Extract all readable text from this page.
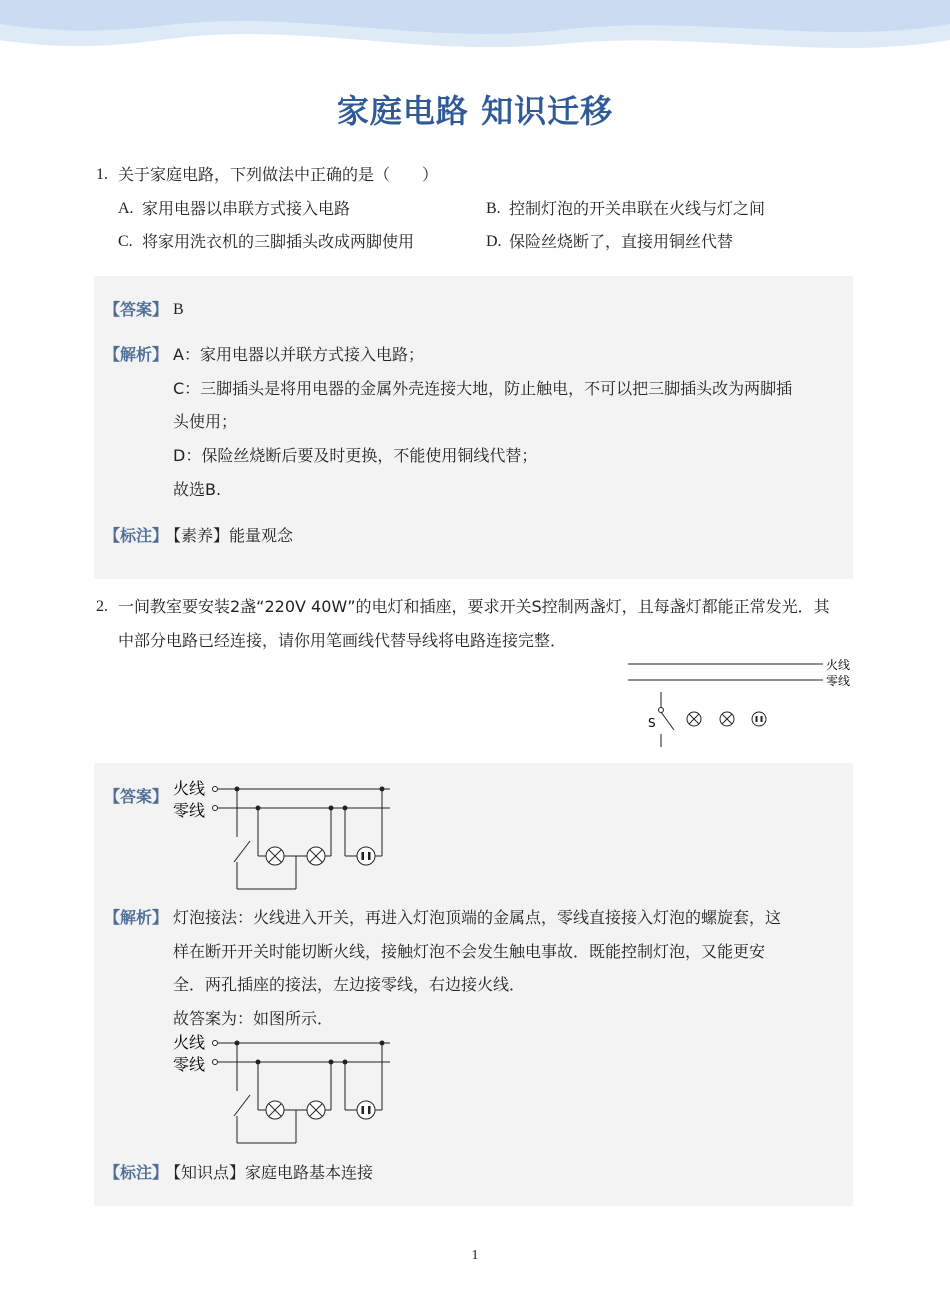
家庭电路 知识迁移
1. 关于家庭电路，下列做法中正确的是（　　）
A. 家用电器以串联方式接入电路	B. 控制灯泡的开关串联在火线与灯之间
C. 将家用洗衣机的三脚插头改成两脚使用	D. 保险丝烧断了，直接用铜丝代替
【答案】 B
【解析】 A：家用电器以并联方式接入电路；
C：三脚插头是将用电器的金属外壳连接大地，防止触电，不可以把三脚插头改为两脚插
头使用；
D：保险丝烧断后要及时更换，不能使用铜线代替；
故选B.
【标注】
【素养】能量观念
2. 一间教室要安装2盏“220V 40W”的电灯和插座，要求开关S控制两盏灯，且每盏灯都能正常发光．其
中部分电路已经连接，请你用笔画线代替导线将电路连接完整．
火线
零线
S
【答案】 火线
零线
【解析】 灯泡接法：火线进入开关，再进入灯泡顶端的金属点，零线直接接入灯泡的螺旋套，这
样在断开开关时能切断火线，接触灯泡不会发生触电事故．既能控制灯泡，又能更安
全．两孔插座的接法，左边接零线，右边接火线．
故答案为：如图所示．
火线
零线
【标注】
【知识点】家庭电路基本连接
1
